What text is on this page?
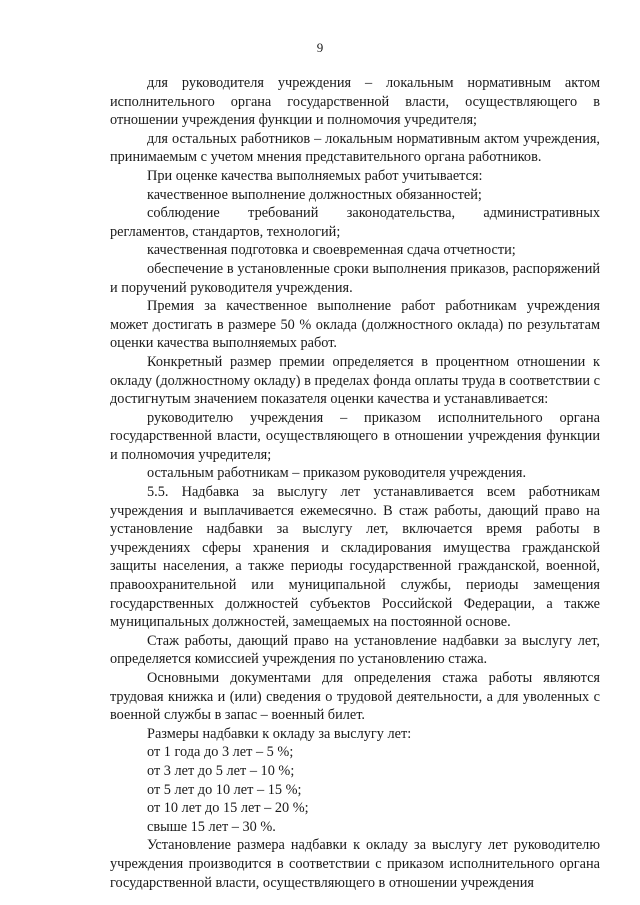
9

для руководителя учреждения – локальным нормативным актом исполнительного органа государственной власти, осуществляющего в отношении учреждения функции и полномочия учредителя;

для остальных работников – локальным нормативным актом учреждения, принимаемым с учетом мнения представительного органа работников.

При оценке качества выполняемых работ учитывается:

качественное выполнение должностных обязанностей;

соблюдение требований законодательства, административных регламентов, стандартов, технологий;

качественная подготовка и своевременная сдача отчетности;

обеспечение в установленные сроки выполнения приказов, распоряжений и поручений руководителя учреждения.

Премия за качественное выполнение работ работникам учреждения может достигать в размере 50 % оклада (должностного оклада) по результатам оценки качества выполняемых работ.

Конкретный размер премии определяется в процентном отношении к окладу (должностному окладу) в пределах фонда оплаты труда в соответствии с достигнутым значением показателя оценки качества и устанавливается:

руководителю учреждения – приказом исполнительного органа государственной власти, осуществляющего в отношении учреждения функции и полномочия учредителя;

остальным работникам – приказом руководителя учреждения.

5.5. Надбавка за выслугу лет устанавливается всем работникам учреждения и выплачивается ежемесячно. В стаж работы, дающий право на установление надбавки за выслугу лет, включается время работы в учреждениях сферы хранения и складирования имущества гражданской защиты населения, а также периоды государственной гражданской, военной, правоохранительной или муниципальной службы, периоды замещения государственных должностей субъектов Российской Федерации, а также муниципальных должностей, замещаемых на постоянной основе.

Стаж работы, дающий право на установление надбавки за выслугу лет, определяется комиссией учреждения по установлению стажа.

Основными документами для определения стажа работы являются трудовая книжка и (или) сведения о трудовой деятельности, а для уволенных с военной службы в запас – военный билет.

Размеры надбавки к окладу за выслугу лет:

от 1 года до 3 лет – 5 %;

от 3 лет до 5 лет – 10 %;

от 5 лет до 10 лет – 15 %;

от 10 лет до 15 лет – 20 %;

свыше 15 лет – 30 %.

Установление размера надбавки к окладу за выслугу лет руководителю учреждения производится в соответствии с приказом исполнительного органа государственной власти, осуществляющего в отношении учреждения
